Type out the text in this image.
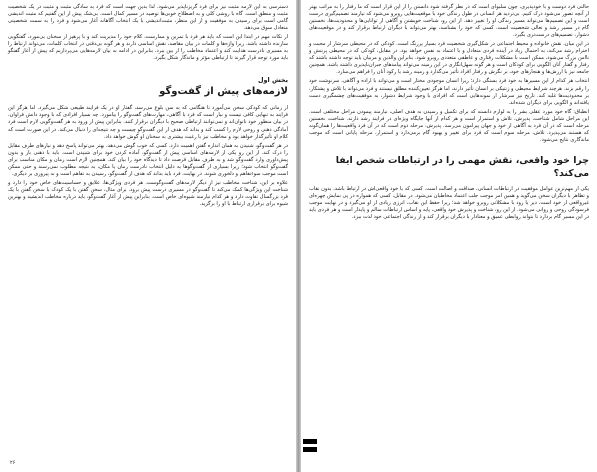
دسترسی به این لازمه مثبت نیز برای فرد گریزناپذیر می‌شود. لذا بدین جهت است که فرد به سادگی مثبت و مثبت در یک شخصیت مثبت و منطق است. گاه با روشی کلی و به اصطلاح خوبی‌ها توصیه در مسیر کمال است. بی‌شک پیش از این گفتیم که مثبت اندیشی گامی است برای رسیدن به موفقیت و از این منظر، مثبت‌اندیشی با یک انتخاب آگاهانه آغاز می‌شود و فرد را به سمت شخصیتی متعادل سوق می‌دهد.

از نکات مهم در ابتدا این است که باید هر فرد با تمرین و ممارست، کلام خود را مدیریت کند و با پرهیز از سخنان بی‌مورد، گفتگویی سازنده داشته باشد. زیرا واژه‌ها و کلمات در بیان مقاصد، نقش اساسی دارند و هر گونه بی‌دقتی در انتخاب کلمات، می‌تواند ارتباط را به مسیری نادرست هدایت کند و اعتماد مخاطب را از بین ببرد. بنابراین در ادامه به بیان لازمه‌هایی می‌پردازیم که پیش از آغاز گفتگو باید مورد توجه قرار گیرند تا ارتباطی مؤثر و ماندگار شکل بگیرد.

بخش اول
لازمه‌های پیش از گفت‌وگو

از زمانی که کودکی سخن می‌آموزد تا هنگامی که به سن بلوغ می‌رسد، گفتار او در یک فرایند طبیعی شکل می‌گیرد. اما هرگز این فرایند به تنهایی کافی نیست و نیاز است که فرد با آگاهی، مهارت‌های گفت‌وگو را بیاموزد. چه بسیار افرادی که با وجود دانش فراوان، در بیان منظور خود ناتوان‌اند و نمی‌توانند ارتباطی صحیح با دیگران برقرار کنند. بنابراین پیش از ورود به هر گفت‌وگویی لازم است فرد آمادگی ذهنی و روحی لازم را کسب کند و بداند که هدف از این گفت‌وگو چیست و چه نتیجه‌ای را دنبال می‌کند. در این صورت است که کلام او تأثیرگذار خواهد بود و مخاطب نیز با رغبت بیشتری به سخنان او گوش خواهد داد.

در هر گفت‌وگو، شنیدن به همان اندازه گفتن اهمیت دارد. کسی که خوب گوش می‌دهد، بهتر می‌تواند پاسخ دهد و نیازهای طرف مقابل را درک کند. از این رو یکی از لازمه‌های اساسی پیش از گفت‌وگو، آماده کردن خود برای شنیدن است. باید با ذهنی باز و بدون پیش‌داوری وارد گفت‌وگو شد و به طرف مقابل فرصت داد تا دیدگاه خود را بیان کند. همچنین لازم است زمان و مکان مناسب برای گفت‌وگو انتخاب شود؛ زیرا بسیاری از گفت‌وگوها به دلیل انتخاب نادرست زمان یا مکان، به نتیجه مطلوب نمی‌رسند و حتی ممکن است موجب سوءتفاهم و دلخوری شوند. در نهایت، فرد باید بداند که هدف از گفت‌وگو، رسیدن به تفاهم است و نه پیروزی بر دیگری.

علاوه بر این، شناخت مخاطب نیز از دیگر لازمه‌های گفت‌وگوست. هر فردی ویژگی‌ها، علایق و حساسیت‌های خاص خود را دارد و شناخت این ویژگی‌ها کمک می‌کند تا گفت‌وگو در مسیری درست پیش برود. برای مثال، سخن گفتن با یک کودک با سخن گفتن با یک فرد بزرگسال تفاوت دارد و هر کدام نیازمند شیوه‌ای خاص است. بنابراین پیش از آغاز گفت‌وگو، باید درباره مخاطب اندیشید و بهترین شیوه برای برقراری ارتباط با او را برگزید.

۲۶

حالتی فرد دوست و با خودپذیری، چون سلبوای است که در نظر گرفته شود دانستن را از این قرار است که ما رفتار را به مراتب بهتر از آنچه تصور می‌شود درک کنیم. بی‌تردید هر انسانی در طول زندگی خود با موقعیت‌هایی روبرو می‌شود که نیازمند تصمیم‌گیری درست است و این تصمیم‌ها می‌تواند مسیر زندگی او را تغییر دهد. از این رو، شناخت خویشتن و آگاهی از توانایی‌ها و محدودیت‌ها، نخستین گام در مسیر رشد و تعالی شخصیت است. کسی که خود را بشناسد، بهتر می‌تواند با دیگران ارتباط برقرار کند و در موقعیت‌های دشوار، تصمیم‌های درست‌تری بگیرد.

در این میان، نقش خانواده و محیط اجتماعی در شکل‌گیری شخصیت فرد بسیار پررنگ است. کودکی که در محیطی سرشار از محبت و احترام رشد می‌کند، به احتمال زیاد در آینده فردی متعادل و با اعتماد به نفس خواهد بود. در مقابل، کودکی که در محیطی پرتنش و ناامن بزرگ می‌شود، ممکن است با مشکلات رفتاری و عاطفی متعددی روبرو شود. بنابراین والدین و مربیان باید توجه داشته باشند که رفتار و گفتار آنان الگویی برای کودکان است و هر گونه سهل‌انگاری در این زمینه می‌تواند پیامدهای جبران‌ناپذیری داشته باشد. همچنین جامعه نیز با ارزش‌ها و هنجارهای خود، بر نگرش و رفتار افراد تأثیر می‌گذارد و زمینه رشد یا رکود آنان را فراهم می‌سازد.

انتخاب هر کدام از این مسیرها به خود فرد بستگی دارد؛ زیرا انسان موجودی مختار است و می‌تواند با اراده و آگاهی، سرنوشت خود را رقم بزند. هرچند شرایط محیطی و ژنتیکی بر انسان تأثیر دارند، اما هرگز تعیین‌کننده مطلق نیستند و فرد می‌تواند با تلاش و پشتکار، بر محدودیت‌ها غلبه کند. تاریخ نیز سرشار از نمونه‌هایی است که افرادی با وجود شرایط دشوار، به موفقیت‌های چشمگیری دست یافته‌اند و الگویی برای دیگران شده‌اند.

انطباق: گاه خود مورد عقلی بشر را به لوازم دانسته که برای تکمیل و رسیدن به هدف اصلی، نیازمند پیمودن مراحل مختلفی است. این مراحل شامل شناخت، پذیرش، تلاش و استمرار است و هر کدام از آنها جایگاه ویژه‌ای در فرایند رشد دارند. شناخت، نخستین مرحله است که در آن فرد به آگاهی از خود و جهان پیرامون می‌رسد. پذیرش، مرحله دوم است که در آن فرد واقعیت‌ها را همان‌گونه که هستند می‌پذیرد. تلاش، مرحله سوم است که فرد برای تغییر و بهبود گام برمی‌دارد و استمرار، مرحله پایانی است که موجب ماندگاری نتایج می‌شود.

چرا خود واقعی، نقش مهمی را در ارتباطات شخص ایفا می‌کند؟

یکی از مهم‌ترین عوامل موفقیت در ارتباطات انسانی، صداقت و اصالت است. کسی که با خود واقعی‌اش در ارتباط باشد، بدون نقاب و تظاهر با دیگران سخن می‌گوید و همین امر موجب جلب اعتماد مخاطبان می‌شود. در مقابل، کسی که همواره در پی نمایش چهره‌ای غیرواقعی از خود است، دیر یا زود با مشکلاتی روبرو خواهد شد؛ زیرا حفظ این نقاب، انرژی زیادی از او می‌گیرد و در نهایت موجب فرسودگی روحی و روانی می‌شود. از این رو، شناخت و پذیرش خود واقعی، پایه و اساس ارتباطات سالم و پایدار است و هر فردی باید در این مسیر گام بردارد تا بتواند روابطی عمیق و معنادار با دیگران برقرار کند و از زندگی اجتماعی خود لذت ببرد.
